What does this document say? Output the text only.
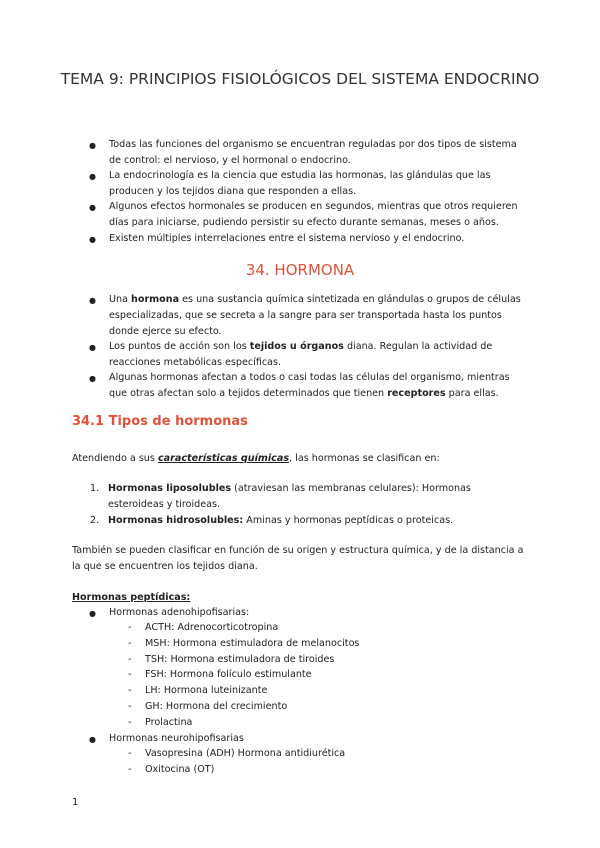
TEMA 9: PRINCIPIOS FISIOLÓGICOS DEL SISTEMA ENDOCRINO
● Todas las funciones del organismo se encuentran reguladas por dos tipos de sistema de control: el nervioso, y el hormonal o endocrino.
● La endocrinología es la ciencia que estudia las hormonas, las glándulas que las producen y los tejidos diana que responden a ellas.
● Algunos efectos hormonales se producen en segundos, mientras que otros requieren días para iniciarse, pudiendo persistir su efecto durante semanas, meses o años.
● Existen múltiples interrelaciones entre el sistema nervioso y el endocrino.
34. HORMONA
● Una hormona es una sustancia química sintetizada en glándulas o grupos de células especializadas, que se secreta a la sangre para ser transportada hasta los puntos donde ejerce su efecto.
● Los puntos de acción son los tejidos u órganos diana. Regulan la actividad de reacciones metabólicas específicas.
● Algunas hormonas afectan a todos o casi todas las células del organismo, mientras que otras afectan solo a tejidos determinados que tienen receptores para ellas.
34.1 Tipos de hormonas
Atendiendo a sus características químicas, las hormonas se clasifican en:
1. Hormonas liposolubles (atraviesan las membranas celulares): Hormonas esteroideas y tiroideas.
2. Hormonas hidrosolubles: Aminas y hormonas peptídicas o proteicas.
También se pueden clasificar en función de su origen y estructura química, y de la distancia a la que se encuentren los tejidos diana.
Hormonas peptídicas:
● Hormonas adenohipofisarias:
- ACTH: Adrenocorticotropina
- MSH: Hormona estimuladora de melanocitos
- TSH: Hormona estimuladora de tiroides
- FSH: Hormona folículo estimulante
- LH: Hormona luteinizante
- GH: Hormona del crecimiento
- Prolactina
● Hormonas neurohipofisarias
- Vasopresina (ADH) Hormona antidiurética
- Oxitocina (OT)
1
